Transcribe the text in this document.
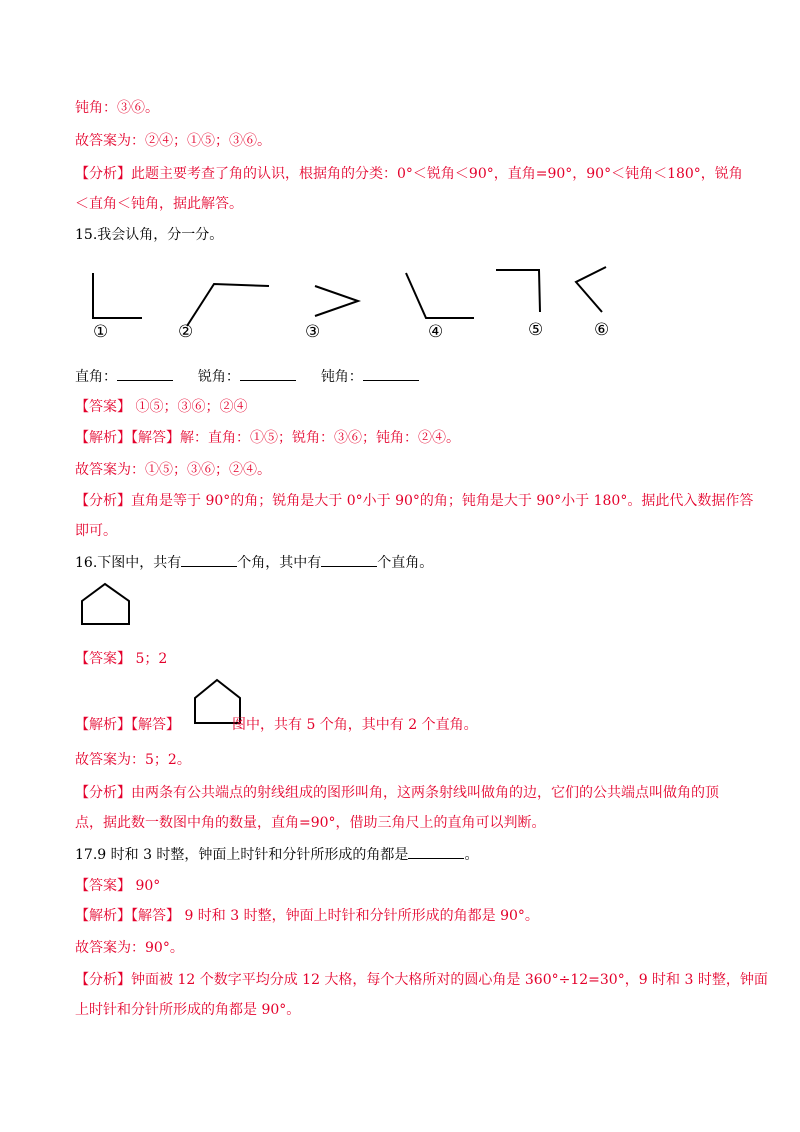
钝角：③⑥。
故答案为：②④；①⑤；③⑥。
【分析】此题主要考查了角的认识，根据角的分类：0°＜锐角＜90°，直角=90°，90°＜钝角＜180°，锐角
＜直角＜钝角，据此解答。
15.我会认角，分一分。
①	②	③	④	⑤	⑥
直角：	锐角：	钝角：
【答案】 ①⑤；③⑥；②④
【解析】【解答】解：直角：①⑤；锐角：③⑥；钝角：②④。
故答案为：①⑤；③⑥；②④。
【分析】直角是等于 90°的角；锐角是大于 0°小于 90°的角；钝角是大于 90°小于 180°。据此代入数据作答
即可。
16.下图中，共有	个角，其中有	个直角。
【答案】 5；2
【解析】【解答】	图中，共有 5 个角，其中有 2 个直角。
故答案为：5；2。
【分析】由两条有公共端点的射线组成的图形叫角，这两条射线叫做角的边，它们的公共端点叫做角的顶
点，据此数一数图中角的数量，直角=90°，借助三角尺上的直角可以判断。
17.9 时和 3 时整，钟面上时针和分针所形成的角都是	。
【答案】 90°
【解析】【解答】 9 时和 3 时整，钟面上时针和分针所形成的角都是 90°。
故答案为：90°。
【分析】钟面被 12 个数字平均分成 12 大格，每个大格所对的圆心角是 360°÷12=30°，9 时和 3 时整，钟面
上时针和分针所形成的角都是 90°。
